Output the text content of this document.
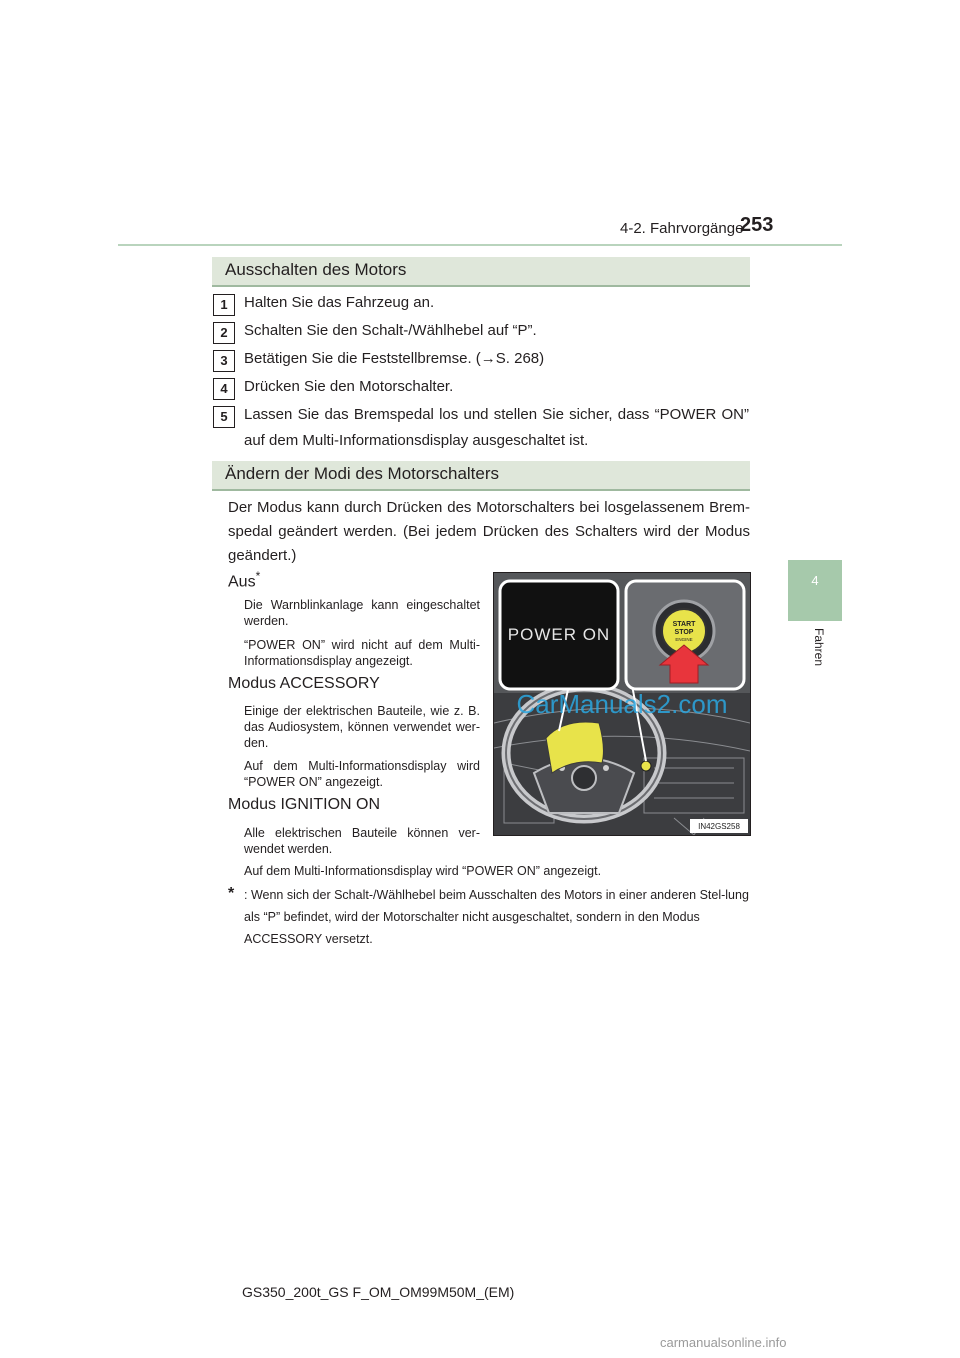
4-2. Fahrvorgänge
253
4
Fahren
Ausschalten des Motors
1	Halten Sie das Fahrzeug an.
2	Schalten Sie den Schalt-/Wählhebel auf “P”.
3	Betätigen Sie die Feststellbremse. (→S. 268)
4	Drücken Sie den Motorschalter.
5	Lassen Sie das Bremspedal los und stellen Sie sicher, dass “POWER ON” auf dem Multi-Informationsdisplay ausgeschaltet ist.
Ändern der Modi des Motorschalters
Der Modus kann durch Drücken des Motorschalters bei losgelassenem Brem-spedal geändert werden. (Bei jedem Drücken des Schalters wird der Modus geändert.)
Aus*
Die Warnblinkanlage kann eingeschaltet werden.
“POWER ON” wird nicht auf dem Multi-Informationsdisplay angezeigt.
Modus ACCESSORY
Einige der elektrischen Bauteile, wie z. B. das Audiosystem, können verwendet wer-den.
Auf dem Multi-Informationsdisplay wird “POWER ON” angezeigt.
Modus IGNITION ON
Alle elektrischen Bauteile können ver-wendet werden.
Auf dem Multi-Informationsdisplay wird “POWER ON” angezeigt.
* : Wenn sich der Schalt-/Wählhebel beim Ausschalten des Motors in einer anderen Stel-lung als “P” befindet, wird der Motorschalter nicht ausgeschaltet, sondern in den Modus ACCESSORY versetzt.
POWER ON
START
STOP
ENGINE
CarManuals2.com
IN42GS258
GS350_200t_GS F_OM_OM99M50M_(EM)
carmanualsonline.info
